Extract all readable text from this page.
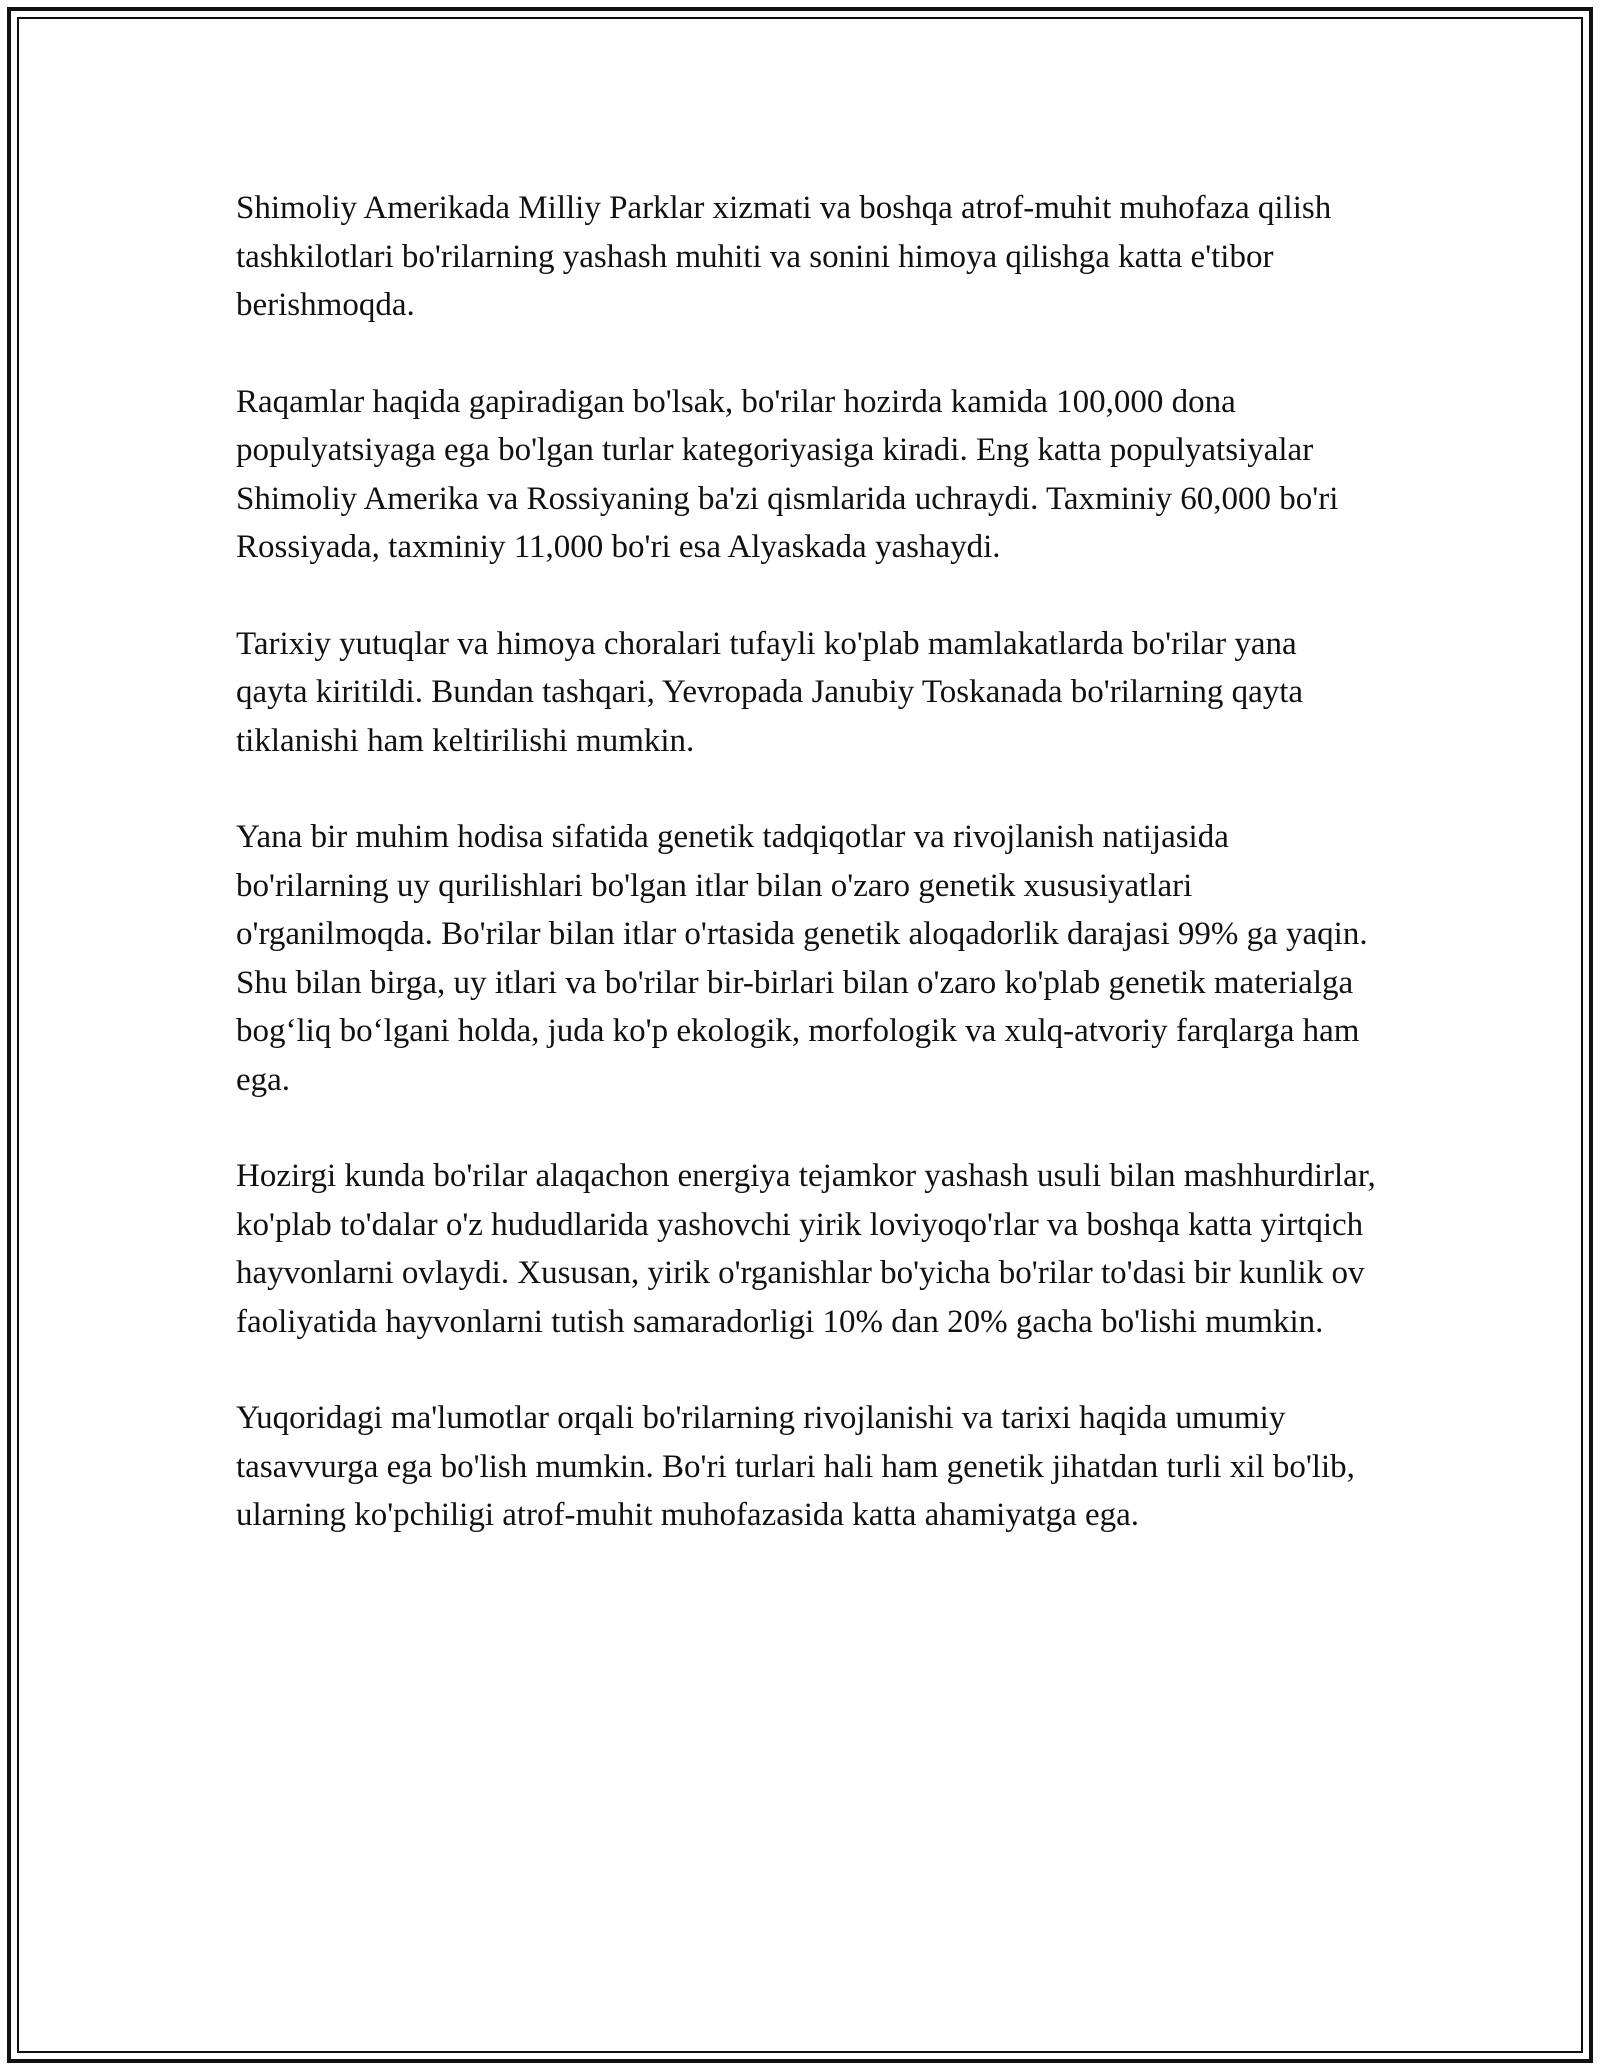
Shimoliy Amerikada Milliy Parklar xizmati va boshqa atrof-muhit muhofaza qilish tashkilotlari bo'rilarning yashash muhiti va sonini himoya qilishga katta e'tibor berishmoqda.

Raqamlar haqida gapiradigan bo'lsak, bo'rilar hozirda kamida 100,000 dona populyatsiyaga ega bo'lgan turlar kategoriyasiga kiradi. Eng katta populyatsiyalar Shimoliy Amerika va Rossiyaning ba'zi qismlarida uchraydi. Taxminiy 60,000 bo'ri Rossiyada, taxminiy 11,000 bo'ri esa Alyaskada yashaydi.

Tarixiy yutuqlar va himoya choralari tufayli ko'plab mamlakatlarda bo'rilar yana qayta kiritildi. Bundan tashqari, Yevropada Janubiy Toskanada bo'rilarning qayta tiklanishi ham keltirilishi mumkin.

Yana bir muhim hodisa sifatida genetik tadqiqotlar va rivojlanish natijasida bo'rilarning uy qurilishlari bo'lgan itlar bilan o'zaro genetik xususiyatlari o'rganilmoqda. Bo'rilar bilan itlar o'rtasida genetik aloqadorlik darajasi 99% ga yaqin. Shu bilan birga, uy itlari va bo'rilar bir-birlari bilan o'zaro ko'plab genetik materialga bog‘liq bo‘lgani holda, juda ko'p ekologik, morfologik va xulq-atvoriy farqlarga ham ega.

Hozirgi kunda bo'rilar alaqachon energiya tejamkor yashash usuli bilan mashhurdirlar, ko'plab to'dalar o'z hududlarida yashovchi yirik loviyoqo'rlar va boshqa katta yirtqich hayvonlarni ovlaydi. Xususan, yirik o'rganishlar bo'yicha bo'rilar to'dasi bir kunlik ov faoliyatida hayvonlarni tutish samaradorligi 10% dan 20% gacha bo'lishi mumkin.

Yuqoridagi ma'lumotlar orqali bo'rilarning rivojlanishi va tarixi haqida umumiy tasavvurga ega bo'lish mumkin. Bo'ri turlari hali ham genetik jihatdan turli xil bo'lib, ularning ko'pchiligi atrof-muhit muhofazasida katta ahamiyatga ega.
